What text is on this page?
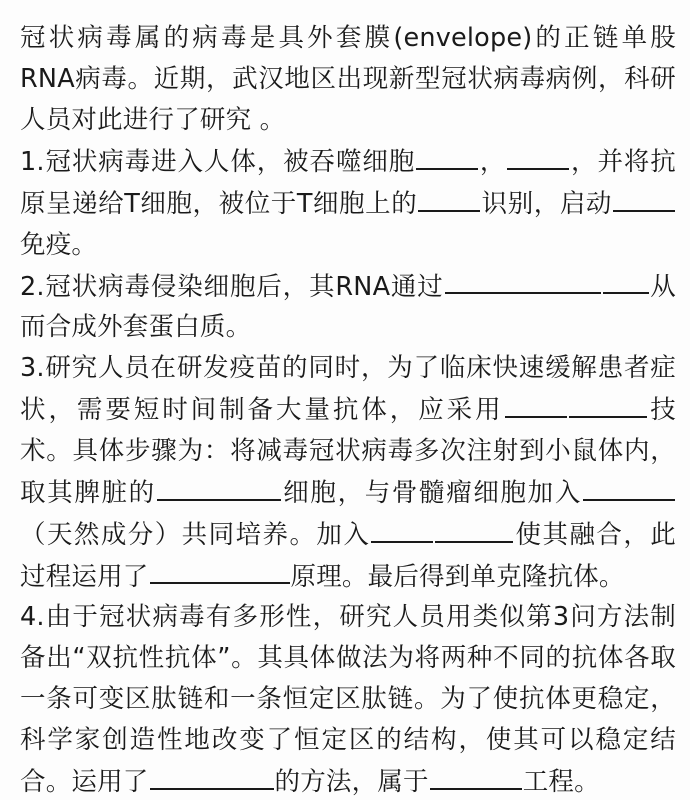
冠状病毒属的病毒是具外套膜(envelope)的正链单股RNA病毒。近期，武汉地区出现新型冠状病毒病例，科研人员对此进行了研究 。

1.冠状病毒进入人体，被吞噬细胞	，	，并将抗原呈递给T细胞，被位于T细胞上的	识别，启动免疫。

2.冠状病毒侵染细胞后，其RNA通过	从而合成外套蛋白质。

3.研究人员在研发疫苗的同时，为了临床快速缓解患者症状，需要短时间制备大量抗体，应采用	技术。具体步骤为：将减毒冠状病毒多次注射到小鼠体内，取其脾脏的	细胞，与骨髓瘤细胞加入（天然成分）共同培养。加入	使其融合，此过程运用了	原理。最后得到单克隆抗体。

4.由于冠状病毒有多形性，研究人员用类似第3问方法制备出“双抗性抗体”。其具体做法为将两种不同的抗体各取一条可变区肽链和一条恒定区肽链。为了使抗体更稳定，科学家创造性地改变了恒定区的结构，使其可以稳定结合。运用了	的方法，属于	工程。
